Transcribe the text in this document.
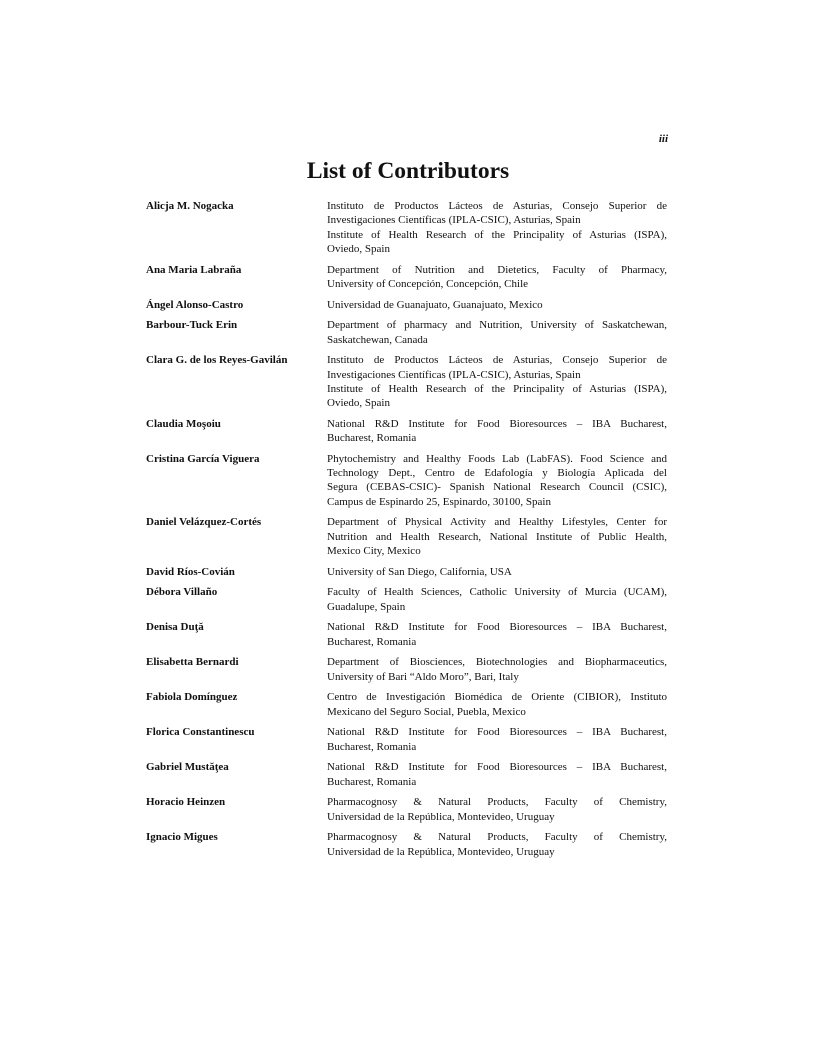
iii
List of Contributors
Alicja M. Nogacka	Instituto de Productos Lácteos de Asturias, Consejo Superior de
Investigaciones Científicas (IPLA-CSIC), Asturias, Spain
Institute of Health Research of the Principality of Asturias (ISPA),
Oviedo, Spain
Ana Maria Labraña	Department of Nutrition and Dietetics, Faculty of Pharmacy,
University of Concepción, Concepción, Chile
Ángel Alonso-Castro	Universidad de Guanajuato, Guanajuato, Mexico
Barbour-Tuck Erin	Department of pharmacy and Nutrition, University of Saskatchewan,
Saskatchewan, Canada
Clara G. de los Reyes-Gavilán	Instituto de Productos Lácteos de Asturias, Consejo Superior de
Investigaciones Científicas (IPLA-CSIC), Asturias, Spain
Institute of Health Research of the Principality of Asturias (ISPA),
Oviedo, Spain
Claudia Moşoiu	National R&D Institute for Food Bioresources – IBA Bucharest,
Bucharest, Romania
Cristina García Viguera	Phytochemistry and Healthy Foods Lab (LabFAS). Food Science and
Technology Dept., Centro de Edafología y Biología Aplicada del
Segura (CEBAS-CSIC)- Spanish National Research Council (CSIC),
Campus de Espinardo 25, Espinardo, 30100, Spain
Daniel Velázquez-Cortés	Department of Physical Activity and Healthy Lifestyles, Center for
Nutrition and Health Research, National Institute of Public Health,
Mexico City, Mexico
David Ríos-Covián	University of San Diego, California, USA
Débora Villaño	Faculty of Health Sciences, Catholic University of Murcia (UCAM),
Guadalupe, Spain
Denisa Duţă	National R&D Institute for Food Bioresources – IBA Bucharest,
Bucharest, Romania
Elisabetta Bernardi	Department of Biosciences, Biotechnologies and Biopharmaceutics,
University of Bari “Aldo Moro”, Bari, Italy
Fabiola Domínguez	Centro de Investigación Biomédica de Oriente (CIBIOR), Instituto
Mexicano del Seguro Social, Puebla, Mexico
Florica Constantinescu	National R&D Institute for Food Bioresources – IBA Bucharest,
Bucharest, Romania
Gabriel Mustăţea	National R&D Institute for Food Bioresources – IBA Bucharest,
Bucharest, Romania
Horacio Heinzen	Pharmacognosy & Natural Products, Faculty of Chemistry,
Universidad de la República, Montevideo, Uruguay
Ignacio Migues	Pharmacognosy & Natural Products, Faculty of Chemistry,
Universidad de la República, Montevideo, Uruguay
